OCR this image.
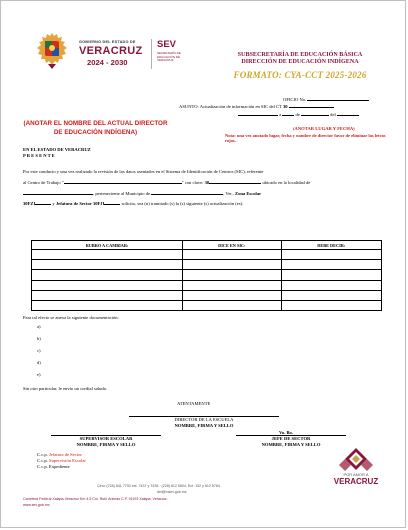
GOBIERNO DEL ESTADO DE
VERACRUZ
2024 - 2030
SEV
SECRETARÍA DE EDUCACIÓN DE VERACRUZ
SUBSECRETARÍA DE EDUCACIÓN BÁSICA
DIRECCIÓN DE EDUCACIÓN INDÍGENA
FORMATO: CYA-CCT 2025-2026
OFICIO No.
ASUNTO: Actualización de información en SIC del CT 30
a	de	del
(ANOTAR EL NOMBRE DEL ACTUAL DIRECTOR DE EDUCACIÓN INDÍGENA)
(ANOTAR LUGAR Y FECHA)
Nota: una vez anotado lugar, fecha y nombre de director favor de eliminar las letras rojas.
EN EL ESTADO DE VERACRUZ
P R E S E N T E
Por este conducto y una vez realizado la revisión de los datos asentados en el Sistema de Identificación de Centros (SIC), referente
al Centro de Trabajo "	" con clave: 30	ubicado en la localidad de
, perteneciente al Municipio de	, Ver., Zona Escolar
30FZI	y Jefatura de Sector 30FJI	solicito, sea (n) tramitado (s) la (s) siguiente (s) actualización (es):
RUBRO A CAMBIAR:	DICE EN SIC:	DEBE DECIR:

Para tal efecto se anexa la siguiente documentación:
a)
b)
c)
d)
e)
Sin otro particular, le envío un cordial saludo.
ATENTAMENTE
DIRECTOR DE LA ESCUELA
NOMBRE, FIRMA Y SELLO
Vo. Bo.
SUPERVISOR ESCOLAR
NOMBRE, FIRMA Y SELLO
JEFE DE SECTOR
NOMBRE, FIRMA Y SELLO
C.c.p. Jefatura de Sector
C.c.p. Supervisión Escolar
C.c.p. Expediente
POR AMOR A
VERACRUZ
Circo (228) 841 7700 ext. 7437 y 7438 · (228) 812 5804, Ext. 152 y 812 5784
dei@msev.gob.mx
Carretera Federal Xalapa-Veracruz Km 4.5 Col. Rubí Animas C.P. 91193 Xalapa, Veracruz.
www.sev.gob.mx
